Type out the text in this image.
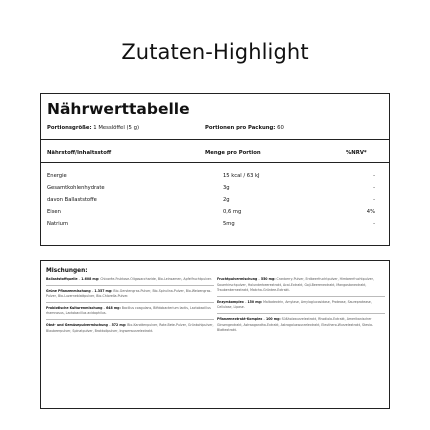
Zutaten-Highlight
Nährwerttabelle
Portionsgröße: 1 Messlöffel (5 g)	Portionen pro Packung: 60
Nährstoff/Inhaltsstoff	Menge pro Portion	%NRV*
Energie	15 kcal / 63 kJ	-
Gesamtkohlenhydrate	3g	-
davon Ballaststoffe	2g	-
Eisen	0,6 mg	4%
Natrium	5mg	-
Mischungen:
Ballaststoffquelle – 1.608 mg: Chicorée-Fruktose-Oligosaccharide, Bio-Leinsamen, Apfelfruchtpulver.
Grüne Pflanzenmischung – 1.357 mg: Bio-Gerstengras-Pulver, Bio-Spirulina-Pulver, Bio-Weizengras-Pulver, Bio-Luzerneblattpulver, Bio-Chlorella-Pulver.
Probiotische Kulturenmischung – 648 mg: Bacillus coagulans, Bifidobacterium lactis, Lactobacillus rhamnosus, Lactobacillus acidophilus.
Obst- und Gemüsepulvermischung – 572 mg: Bio-Karottenpulver, Rote-Bete-Pulver, Grünkohlpulver, Blaubeerpulver, Spinatpulver, Brokkolipulver, Ingwerwurzelextrakt.
Fruchtpulvermischung – 550 mg: Cranberry-Pulver, Erdbeerfruchtpulver, Himbeerfruchtpulver, Sauerkirschpulver, Holunderbeerextrakt, Acai-Extrakt, Goji-Beerenextrakt, Mangostanextrakt, Traubenkernextrakt, Matcha-Grüntee-Extrakt.
Enzymkomplex – 150 mg: Maltodextrin, Amylase, Amyloglucosidase, Protease, Saureprotease, Cellulase, Lipase.
Pflanzenextrakt-Komplex – 100 mg: Süßholzwurzelextrakt, Rhodiola-Extrakt, Amerikanischer Ginsengextrakt, Ashwagandha-Extrakt, Astragaluswurzelextrakt, Eleuthero-Wurzelextrakt, Stevia-Blattextrakt.
